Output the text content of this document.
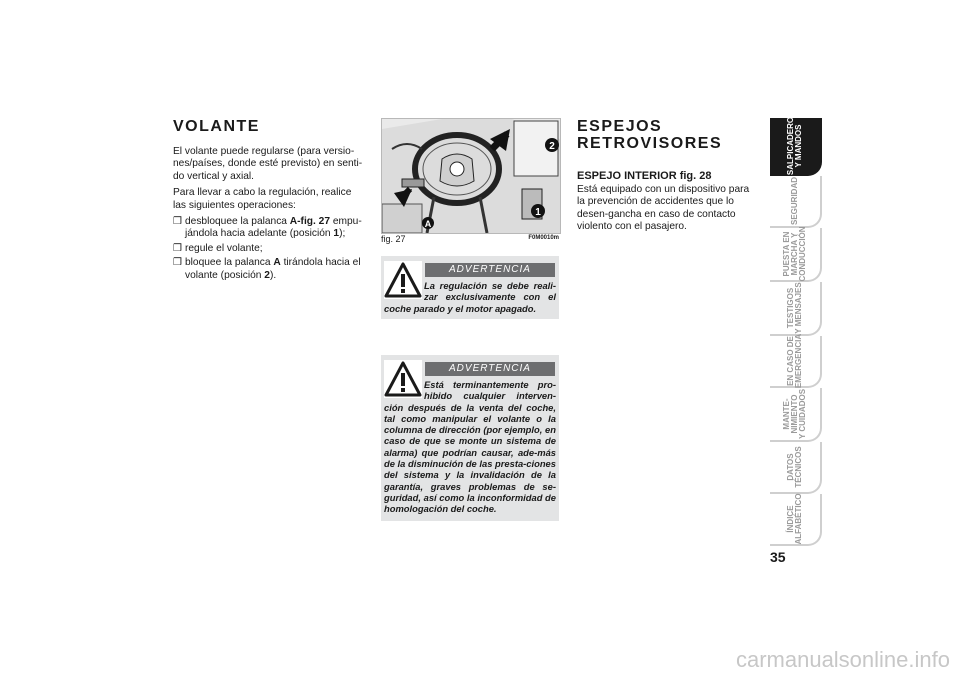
VOLANTE
El volante puede regularse (para versio-nes/países, donde esté previsto) en senti-do vertical y axial.
Para llevar a cabo la regulación, realice las siguientes operaciones:
❒ desbloquee la palanca A-fig. 27 empu-jándola hacia adelante (posición 1);
❒ regule el volante;
❒ bloquee la palanca A tirándola hacia el volante (posición 2).
2
1
A
fig. 27	F0M0010m
ADVERTENCIA
La regulación se debe reali-zar exclusivamente con el coche parado y el motor apagado.
ADVERTENCIA
Está terminantemente pro-hibido cualquier interven-ción después de la venta del coche, tal como manipular el volante o la columna de dirección (por ejemplo, en caso de que se monte un sistema de alarma) que podrían causar, ade-más de la disminución de las presta-ciones del sistema y la invalidación de la garantía, graves problemas de se-guridad, así como la inconformidad de homologación del coche.
ESPEJOS RETROVISORES
ESPEJO INTERIOR fig. 28
Está equipado con un dispositivo para la prevención de accidentes que lo desen-gancha en caso de contacto violento con el pasajero.
SALPICADERO
Y MANDOS
SEGURIDAD
PUESTA EN
MARCHA Y
CONDUCCIÓN
TESTIGOS
Y MENSAJES
EN CASO DE
EMERGENCIA
MANTE-
NIMIENTO
Y CUIDADOS
DATOS
TÉCNICOS
ÍNDICE
ALFABÉTICO
35
carmanualsonline.info
